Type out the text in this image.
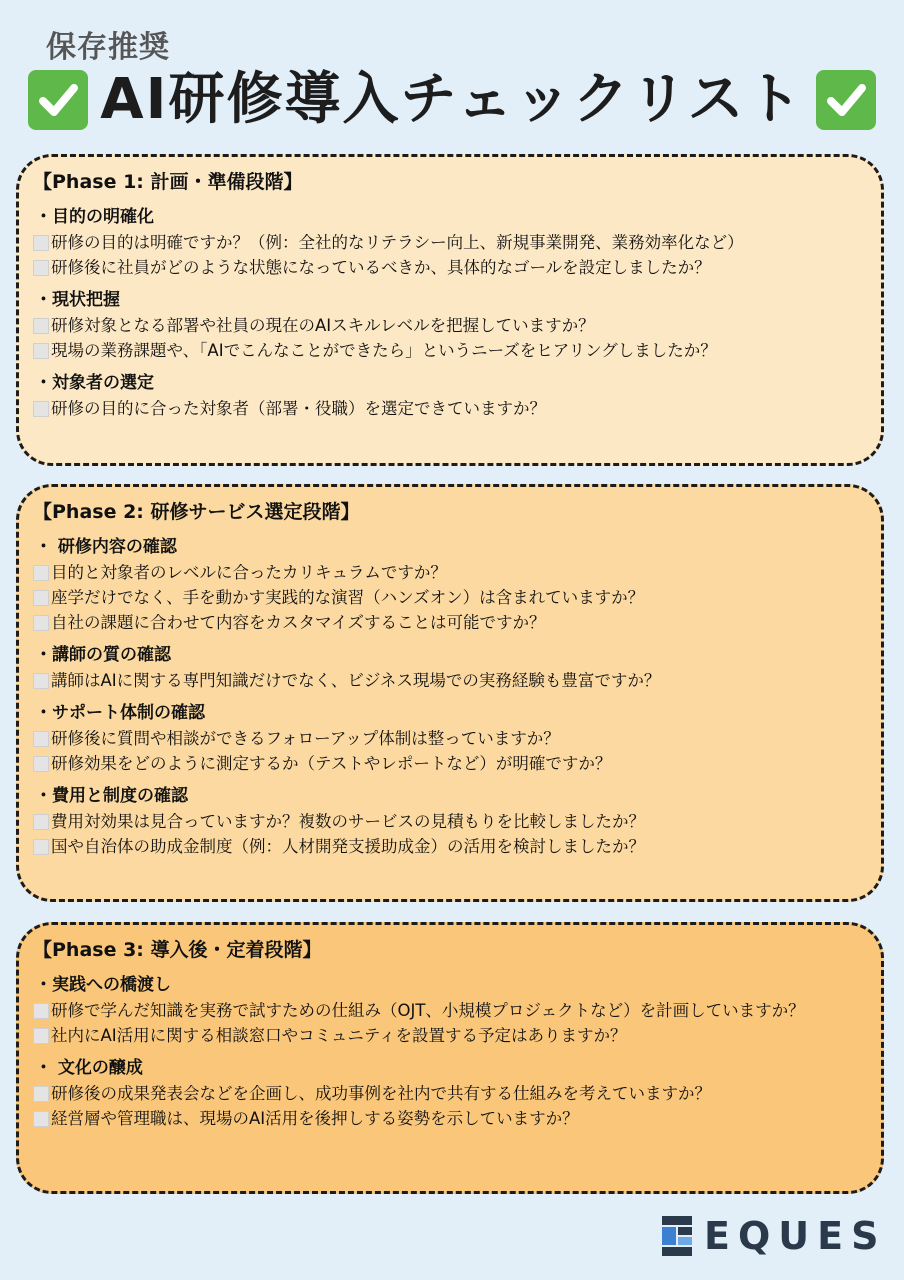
保存推奨
AI研修導入チェックリスト
【Phase 1: 計画・準備段階】
・目的の明確化
研修の目的は明確ですか？（例：全社的なリテラシー向上、新規事業開発、業務効率化など）
研修後に社員がどのような状態になっているべきか、具体的なゴールを設定しましたか？
・現状把握
研修対象となる部署や社員の現在のAIスキルレベルを把握していますか？
現場の業務課題や、「AIでこんなことができたら」というニーズをヒアリングしましたか？
・対象者の選定
研修の目的に合った対象者（部署・役職）を選定できていますか？
【Phase 2: 研修サービス選定段階】
・ 研修内容の確認
目的と対象者のレベルに合ったカリキュラムですか？
座学だけでなく、手を動かす実践的な演習（ハンズオン）は含まれていますか？
自社の課題に合わせて内容をカスタマイズすることは可能ですか？
・講師の質の確認
講師はAIに関する専門知識だけでなく、ビジネス現場での実務経験も豊富ですか？
・サポート体制の確認
研修後に質問や相談ができるフォローアップ体制は整っていますか？
研修効果をどのように測定するか（テストやレポートなど）が明確ですか？
・費用と制度の確認
費用対効果は見合っていますか？複数のサービスの見積もりを比較しましたか？
国や自治体の助成金制度（例：人材開発支援助成金）の活用を検討しましたか？
【Phase 3: 導入後・定着段階】
・実践への橋渡し
研修で学んだ知識を実務で試すための仕組み（OJT、小規模プロジェクトなど）を計画していますか？
社内にAI活用に関する相談窓口やコミュニティを設置する予定はありますか？
・ 文化の醸成
研修後の成果発表会などを企画し、成功事例を社内で共有する仕組みを考えていますか？
経営層や管理職は、現場のAI活用を後押しする姿勢を示していますか？
EQUES
